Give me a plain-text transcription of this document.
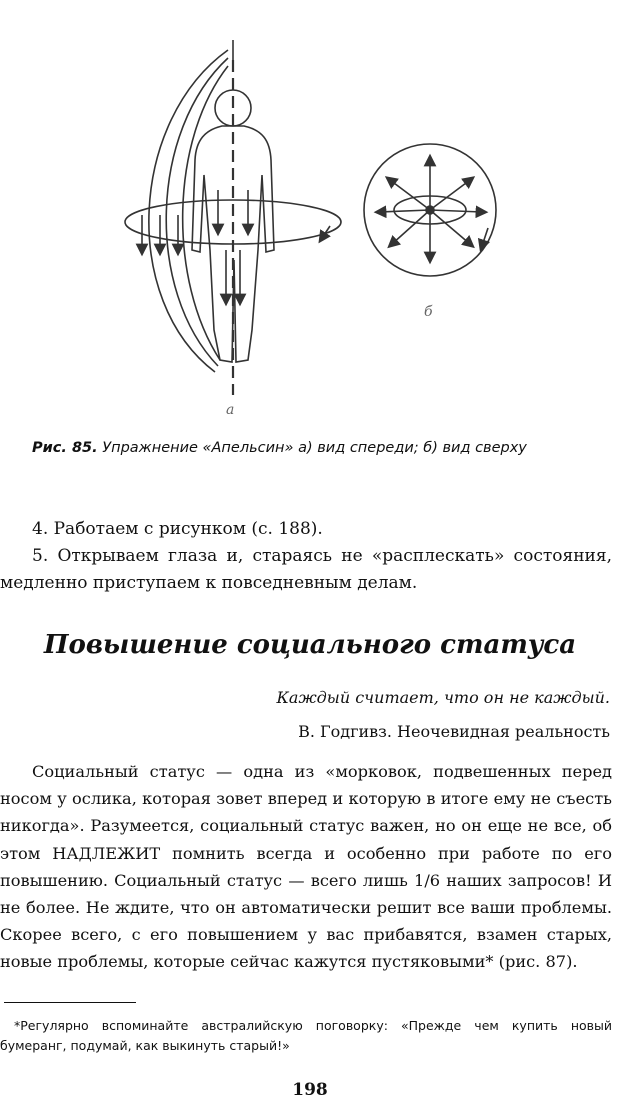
а
б
Рис. 85. Упражнение «Апельсин» а) вид спереди; б) вид сверху

4. Работаем с рисунком (с. 188).

5. Открываем глаза и, стараясь не «расплескать» состояния, медленно приступаем к повседневным делам.

Повышение социального статуса
Каждый считает, что он не каждый.
В. Годгивз. Неочевидная реальность

Социальный статус — одна из «морковок, подвешенных перед носом у ослика, которая зовет вперед и которую в итоге ему не съесть никогда». Разумеется, социальный статус важен, но он еще не все, об этом НАДЛЕЖИТ помнить всегда и особенно при работе по его повышению. Социальный статус — всего лишь 1/6 наших запросов! И не более. Не ждите, что он автоматически решит все ваши проблемы. Скорее всего, с его повышением у вас прибавятся, взамен старых, новые проблемы, которые сейчас кажутся пустяковыми* (рис. 87).

*Регулярно вспоминайте австралийскую поговорку: «Прежде чем купить новый бумеранг, подумай, как выкинуть старый!»

198
